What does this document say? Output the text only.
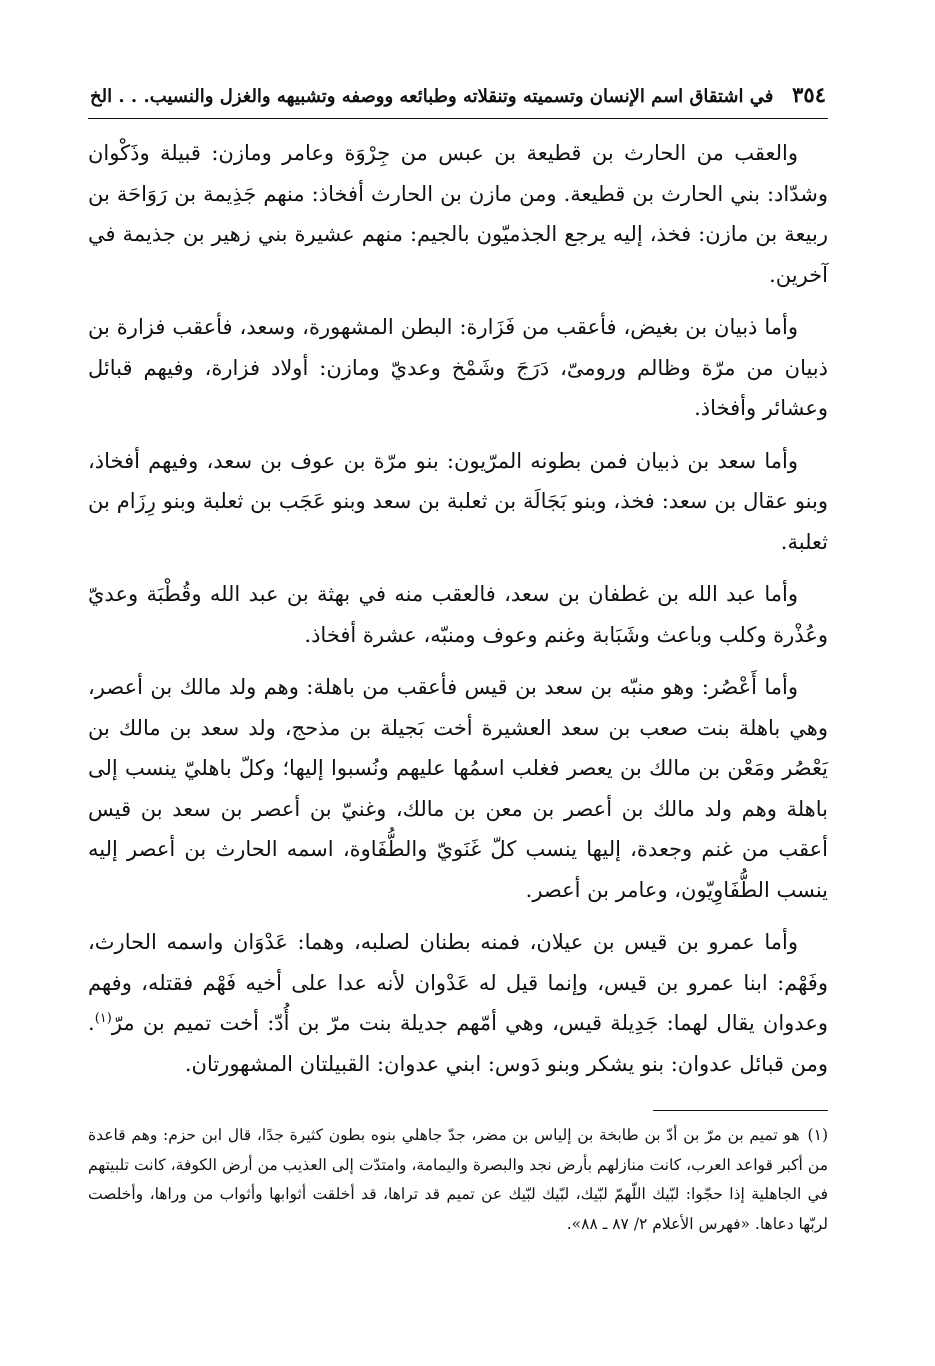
٣٥٤
في اشتقاق اسم الإنسان وتسميته وتنقلاته وطبائعه ووصفه وتشبيهه والغزل والنسيب. . . الخ

والعقب من الحارث بن قطيعة بن عبس من جِرْوَة وعامر ومازن: قبيلة وذَكْوان وشدّاد: بني الحارث بن قطيعة. ومن مازن بن الحارث أفخاذ: منهم جَذِيمة بن رَوَاحَة بن ربيعة بن مازن: فخذ، إليه يرجع الجذميّون بالجيم: منهم عشيرة بني زهير بن جذيمة في آخرين.

وأما ذبيان بن بغيض، فأعقب من فَزَارة: البطن المشهورة، وسعد، فأعقب فزارة بن ذبيان من مرّة وظالم ورومىّ، دَرَجَ وشَمْخ وعديّ ومازن: أولاد فزارة، وفيهم قبائل وعشائر وأفخاذ.

وأما سعد بن ذبيان فمن بطونه المرّيون: بنو مرّة بن عوف بن سعد، وفيهم أفخاذ، وبنو عقال بن سعد: فخذ، وبنو بَجَالَة بن ثعلبة بن سعد وبنو عَجَب بن ثعلبة وبنو رِزَام بن ثعلبة.

وأما عبد الله بن غطفان بن سعد، فالعقب منه في بهثة بن عبد الله وقُطْبَة وعديّ وعُذْرة وكلب وباعث وشَبَابة وغنم وعوف ومنبّه، عشرة أفخاذ.

وأما أَعْصُر: وهو منبّه بن سعد بن قيس فأعقب من باهلة: وهم ولد مالك بن أعصر، وهي باهلة بنت صعب بن سعد العشيرة أخت بَجيلة بن مذحج، ولد سعد بن مالك بن يَعْصُر ومَعْن بن مالك بن يعصر فغلب اسمُها عليهم ونُسبوا إليها؛ وكلّ باهليّ ينسب إلى باهلة وهم ولد مالك بن أعصر بن معن بن مالك، وغنيّ بن أعصر بن سعد بن قيس أعقب من غنم وجعدة، إليها ينسب كلّ غَنَويّ والطُّفَاوة، اسمه الحارث بن أعصر إليه ينسب الطُّفَاوِيّون، وعامر بن أعصر.

وأما عمرو بن قيس بن عيلان، فمنه بطنان لصلبه، وهما: عَدْوَان واسمه الحارث، وفَهْم: ابنا عمرو بن قيس، وإنما قيل له عَدْوان لأنه عدا على أخيه فَهْم فقتله، وفهم وعدوان يقال لهما: جَدِيلة قيس، وهي أمّهم جديلة بنت مرّ بن أُدّ: أخت تميم بن مرّ$^{(١)}$. ومن قبائل عدوان: بنو يشكر وبنو دَوس: ابني عدوان: القبيلتان المشهورتان.

(١)هو تميم بن مرّ بن أدّ بن طابخة بن إلياس بن مضر، جدّ جاهلي بنوه بطون كثيرة جدًا، قال ابن حزم: وهم قاعدة من أكبر قواعد العرب، كانت منازلهم بأرض نجد والبصرة واليمامة، وامتدّت إلى العذيب من أرض الكوفة، كانت تلبيتهم في الجاهلية إذا حجّوا: لبّيك اللّهمّ لبّيك، لبّيك لبّيك عن تميم قد تراها، قد أخلقت أثوابها وأثواب من وراها، وأخلصت لربّها دعاها. «فهرس الأعلام ٢/ ٨٧ ـ ٨٨».
